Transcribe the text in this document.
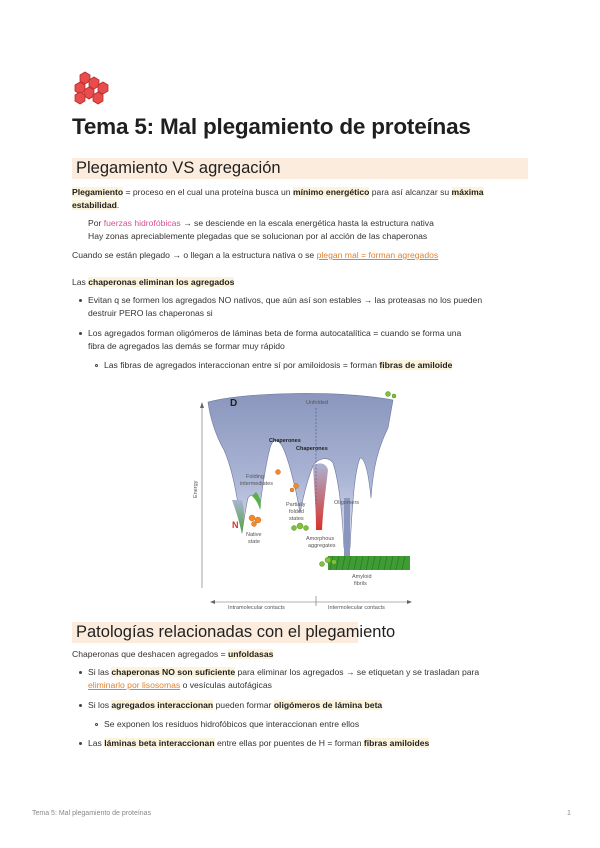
Tema 5: Mal plegamiento de proteínas
Plegamiento VS agregación
Plegamiento = proceso en el cual una proteína busca un mínimo energético para así alcanzar su máxima
estabilidad.
Por fuerzas hidrofóbicas → se desciende en la escala energética hasta la estructura nativa
Hay zonas apreciablemente plegadas que se solucionan por al acción de las chaperonas
Cuando se están plegado → o llegan a la estructura nativa o se plegan mal = forman agregados
Las chaperonas eliminan los agregados
Evitan q se formen los agregados NO nativos, que aún así son estables → las proteasas no los pueden
destruir PERO las chaperonas si
Los agregados forman oligómeros de láminas beta de forma autocatalítica = cuando se forma una
fibra de agregados las demás se formar muy rápido
Las fibras de agregados interaccionan entre sí por amiloidosis = forman fibras de amiloide
D
N
Unfolded
Chaperones
Chaperones
Energy
Folding
intermediates
Partially
folded
states
Oligomers
Amorphous
aggregates
Native
state
Amyloid
fibrils
Intramolecular contacts	Intermolecular contacts
Patologías relacionadas con el plegamiento
Chaperonas que deshacen agregados = unfoldasas
Si las chaperonas NO son suficiente para eliminar los agregados → se etiquetan y se trasladan para
eliminarlo por lisosomas o vesículas autofágicas
Si los agregados interaccionan pueden formar oligómeros de lámina beta
Se exponen los residuos hidrofóbicos que interaccionan entre ellos
Las láminas beta interaccionan entre ellas por puentes de H = forman fibras amiloides
Tema 5: Mal plegamiento de proteínas	1
